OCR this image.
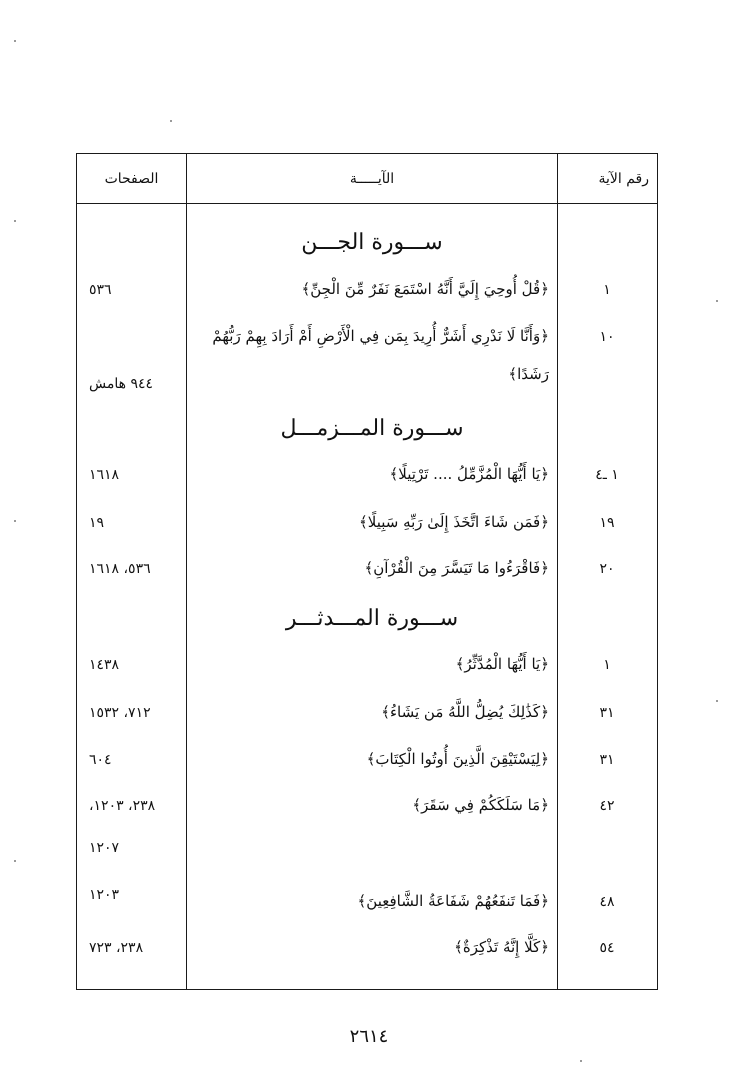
رقم الآية
الآيـــــة
الصفحات
ســـورة الجـــن
١
﴿قُلْ أُوحِيَ إِلَيَّ أَنَّهُ اسْتَمَعَ نَفَرٌ مِّنَ الْجِنِّ﴾
٥٣٦
١٠
﴿وَأَنَّا لَا نَدْرِي أَشَرٌّ أُرِيدَ بِمَن فِي الْأَرْضِ أَمْ أَرَادَ بِهِمْ رَبُّهُمْ
رَشَدًا﴾
٩٤٤ هامش
ســـورة المـــزمـــل
١ ـ٤
﴿يَا أَيُّهَا الْمُزَّمِّلُ .... تَرْتِيلًا﴾
١٦١٨
١٩
﴿فَمَن شَاءَ اتَّخَذَ إِلَىٰ رَبِّهِ سَبِيلًا﴾
١٩
٢٠
﴿فَاقْرَءُوا مَا تَيَسَّرَ مِنَ الْقُرْآنِ﴾
٥٣٦، ١٦١٨
ســـورة المـــدثـــر
١
﴿يَا أَيُّهَا الْمُدَّثِّرُ﴾
١٤٣٨
٣١
﴿كَذَٰلِكَ يُضِلُّ اللَّهُ مَن يَشَاءُ﴾
٧١٢، ١٥٣٢
٣١
﴿لِيَسْتَيْقِنَ الَّذِينَ أُوتُوا الْكِتَابَ﴾
٦٠٤
٤٢
﴿مَا سَلَكَكُمْ فِي سَقَرَ﴾
٢٣٨، ١٢٠٣،
١٢٠٧
٤٨
﴿فَمَا تَنفَعُهُمْ شَفَاعَةُ الشَّافِعِينَ﴾
١٢٠٣
٥٤
﴿كَلَّا إِنَّهُ تَذْكِرَةٌ﴾
٢٣٨، ٧٢٣
٢٦١٤
